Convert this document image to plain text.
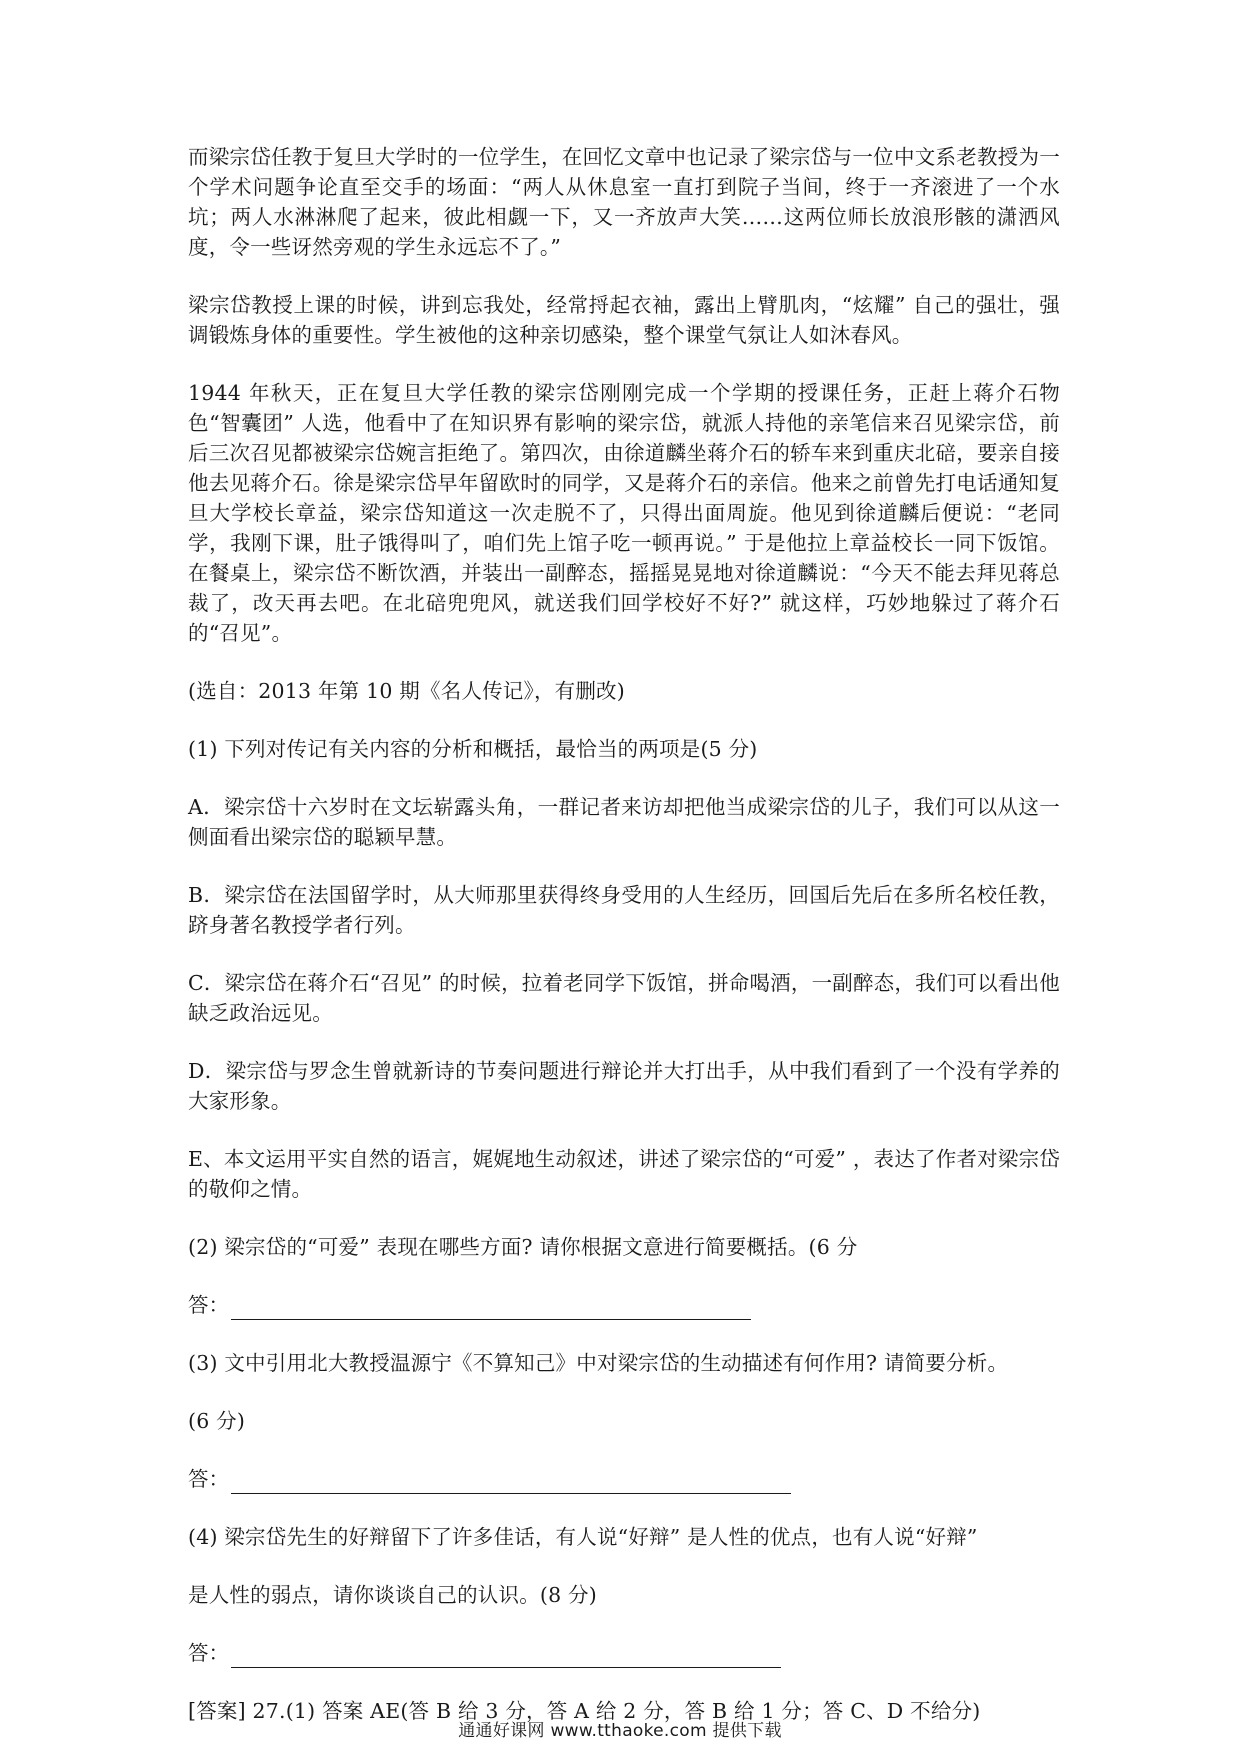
而梁宗岱任教于复旦大学时的一位学生，在回忆文章中也记录了梁宗岱与一位中文系老教授为一个学术问题争论直至交手的场面：“两人从休息室一直打到院子当间，终于一齐滚进了一个水坑；两人水淋淋爬了起来，彼此相觑一下，又一齐放声大笑……这两位师长放浪形骸的潇洒风度，令一些讶然旁观的学生永远忘不了。”

梁宗岱教授上课的时候，讲到忘我处，经常捋起衣袖，露出上臂肌肉，“炫耀” 自己的强壮，强调锻炼身体的重要性。学生被他的这种亲切感染，整个课堂气氛让人如沐春风。

1944 年秋天，正在复旦大学任教的梁宗岱刚刚完成一个学期的授课任务，正赶上蒋介石物色“智囊团” 人选，他看中了在知识界有影响的梁宗岱，就派人持他的亲笔信来召见梁宗岱，前后三次召见都被梁宗岱婉言拒绝了。第四次，由徐道麟坐蒋介石的轿车来到重庆北碚，要亲自接他去见蒋介石。徐是梁宗岱早年留欧时的同学，又是蒋介石的亲信。他来之前曾先打电话通知复旦大学校长章益，梁宗岱知道这一次走脱不了，只得出面周旋。他见到徐道麟后便说：“老同学，我刚下课，肚子饿得叫了，咱们先上馆子吃一顿再说。” 于是他拉上章益校长一同下饭馆。在餐桌上，梁宗岱不断饮酒，并装出一副醉态，摇摇晃晃地对徐道麟说：“今天不能去拜见蒋总裁了，改天再去吧。在北碚兜兜风，就送我们回学校好不好?” 就这样，巧妙地躲过了蒋介石的“召见”。

(选自：2013 年第 10 期《名人传记》，有删改)

(1) 下列对传记有关内容的分析和概括，最恰当的两项是(5 分)

A．梁宗岱十六岁时在文坛崭露头角，一群记者来访却把他当成梁宗岱的儿子，我们可以从这一侧面看出梁宗岱的聪颖早慧。

B．梁宗岱在法国留学时，从大师那里获得终身受用的人生经历，回国后先后在多所名校任教，跻身著名教授学者行列。

C．梁宗岱在蒋介石“召见” 的时候，拉着老同学下饭馆，拼命喝酒，一副醉态，我们可以看出他缺乏政治远见。

D．梁宗岱与罗念生曾就新诗的节奏问题进行辩论并大打出手，从中我们看到了一个没有学养的大家形象。

E、本文运用平实自然的语言，娓娓地生动叙述，讲述了梁宗岱的“可爱” ，表达了作者对梁宗岱的敬仰之情。

(2) 梁宗岱的“可爱” 表现在哪些方面? 请你根据文意进行简要概括。(6 分

答：

(3) 文中引用北大教授温源宁《不算知己》中对梁宗岱的生动描述有何作用? 请简要分析。

(6 分)

答：

(4) 梁宗岱先生的好辩留下了许多佳话，有人说“好辩” 是人性的优点，也有人说“好辩”

是人性的弱点，请你谈谈自己的认识。(8 分)

答：

[答案] 27.(1) 答案 AE(答 B 给 3 分，答 A 给 2 分，答 B 给 1 分；答 C、D 不给分)

通通好课网 www.tthaoke.com 提供下载
